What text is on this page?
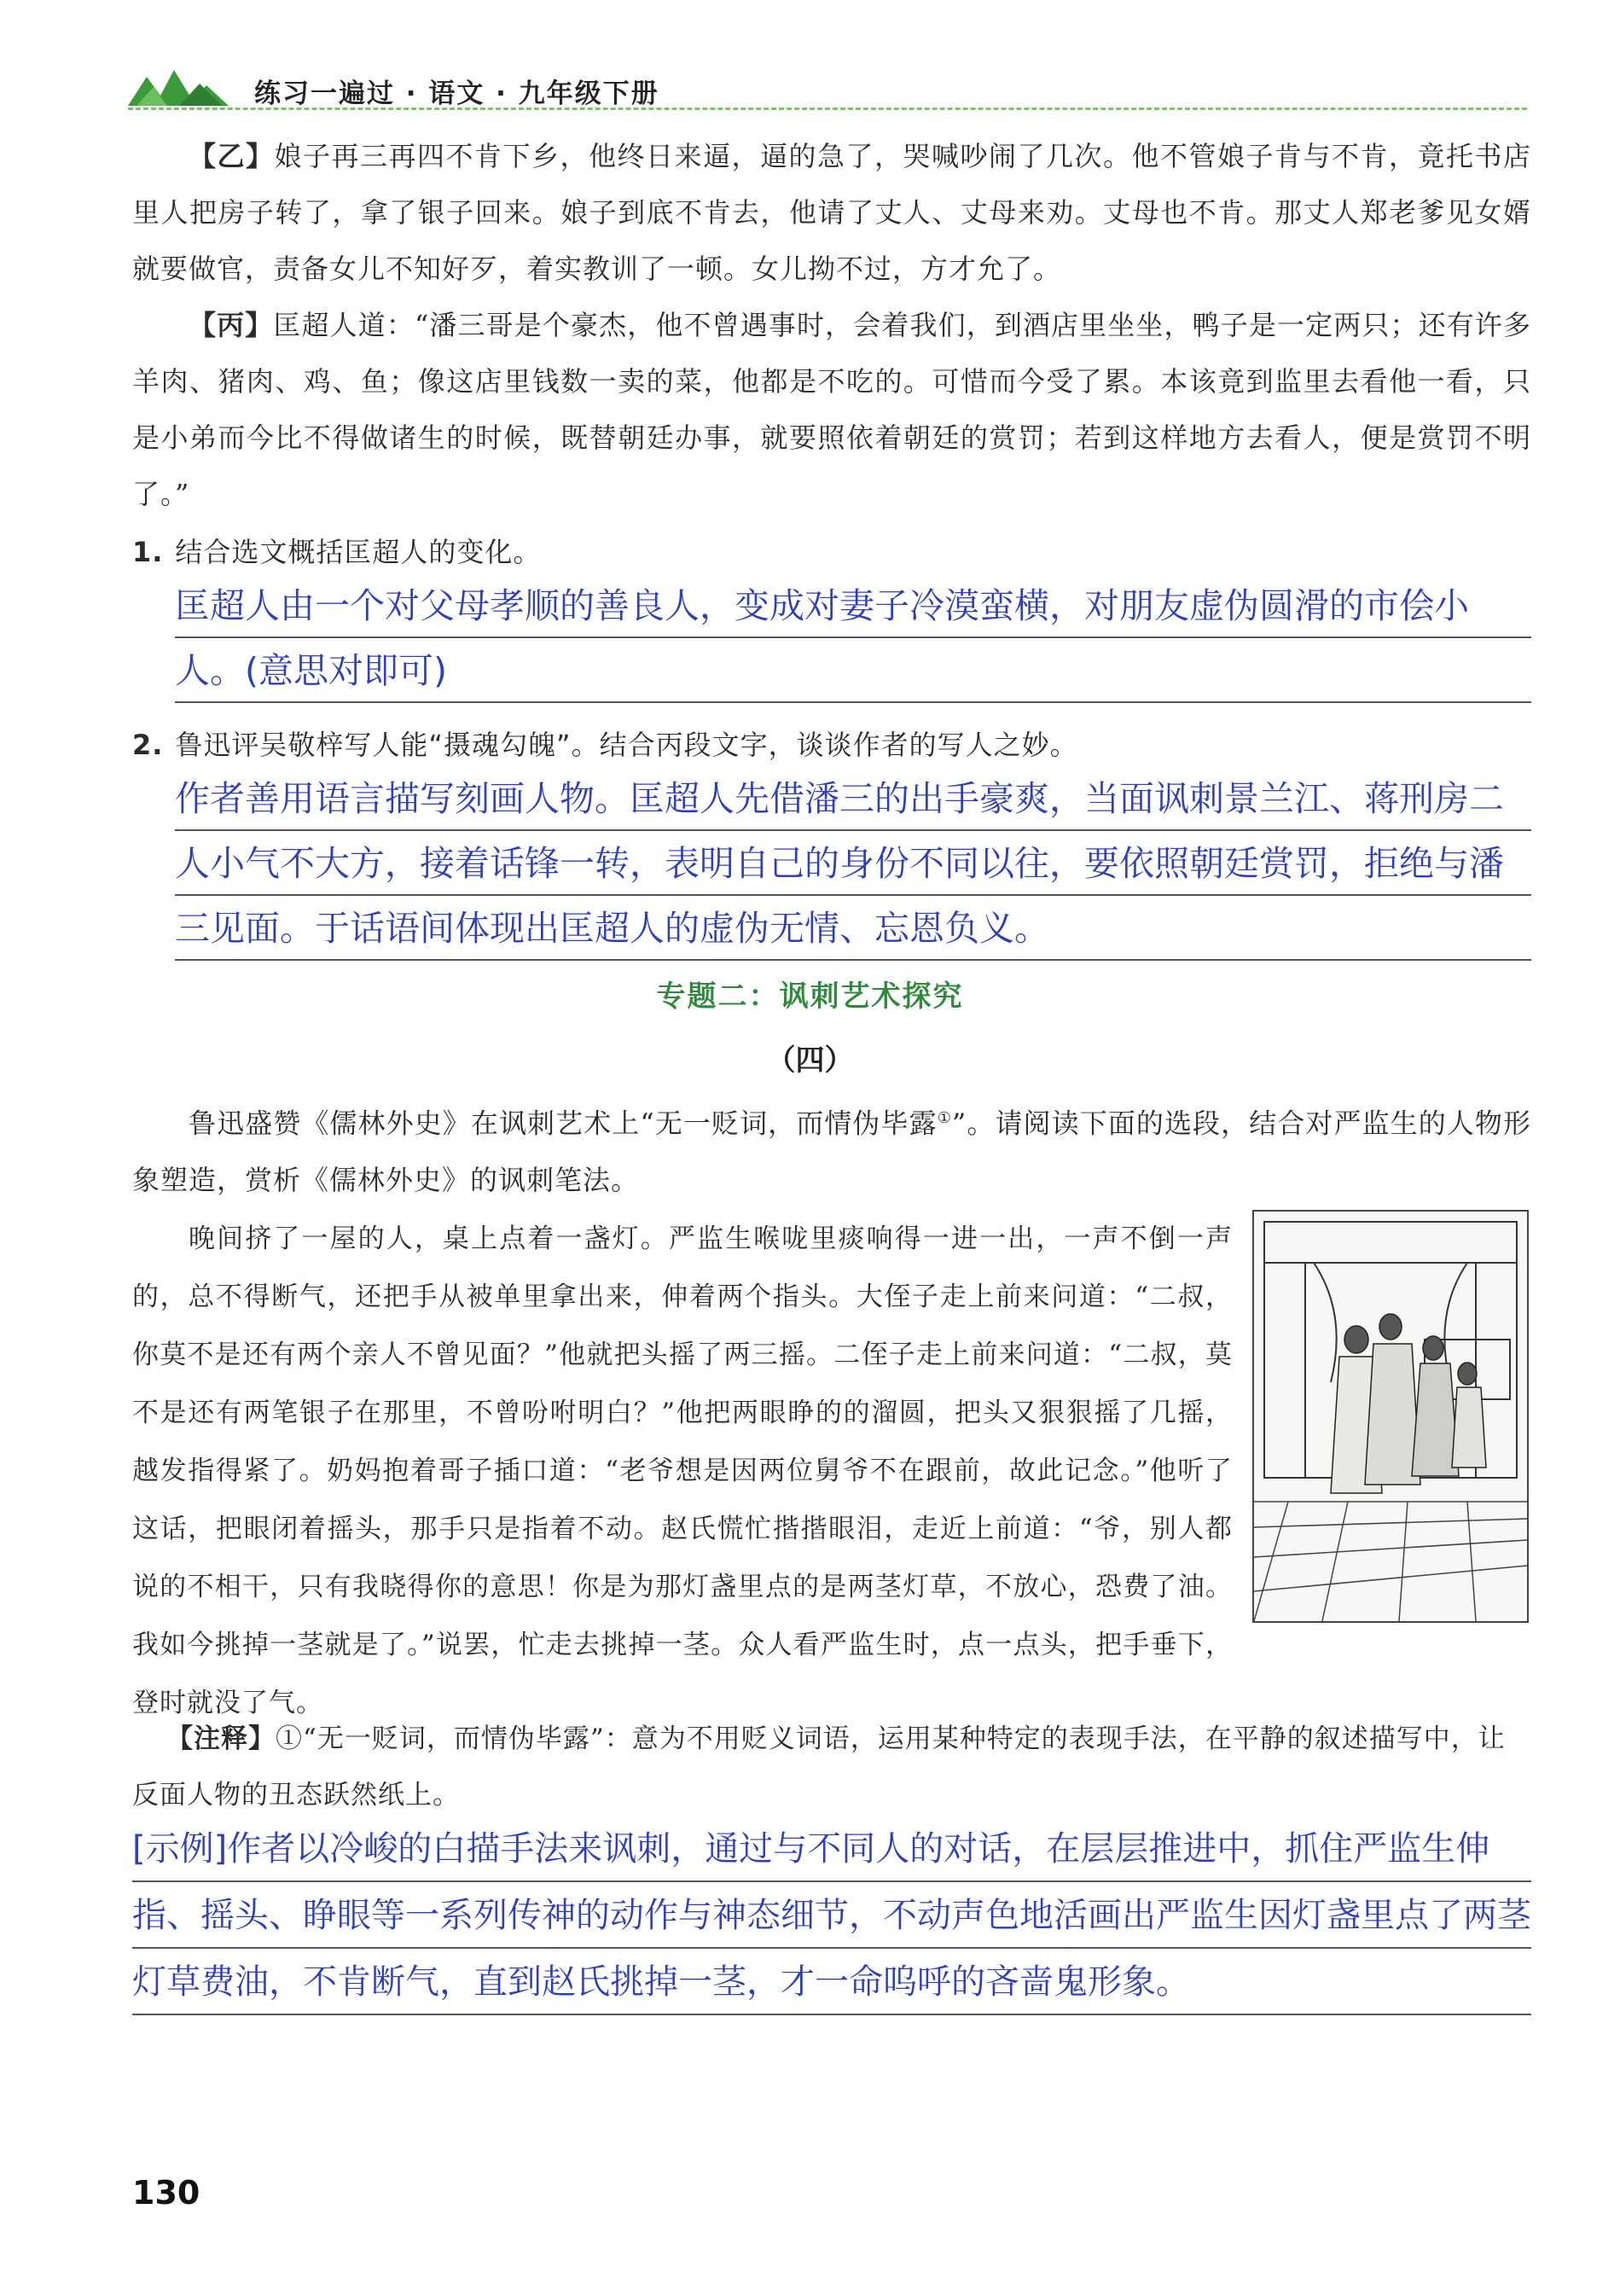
练习一遍过 · 语文 · 九年级下册

【乙】娘子再三再四不肯下乡，他终日来逼，逼的急了，哭喊吵闹了几次。他不管娘子肯与不肯，竟托书店里人把房子转了，拿了银子回来。娘子到底不肯去，他请了丈人、丈母来劝。丈母也不肯。那丈人郑老爹见女婿就要做官，责备女儿不知好歹，着实教训了一顿。女儿拗不过，方才允了。

【丙】匡超人道：“潘三哥是个豪杰，他不曾遇事时，会着我们，到酒店里坐坐，鸭子是一定两只；还有许多羊肉、猪肉、鸡、鱼；像这店里钱数一卖的菜，他都是不吃的。可惜而今受了累。本该竟到监里去看他一看，只是小弟而今比不得做诸生的时候，既替朝廷办事，就要照依着朝廷的赏罚；若到这样地方去看人，便是赏罚不明了。”

1. 结合选文概括匡超人的变化。

匡超人由一个对父母孝顺的善良人，变成对妻子冷漠蛮横，对朋友虚伪圆滑的市侩小人。(意思对即可)

2. 鲁迅评吴敬梓写人能“摄魂勾魄”。结合丙段文字，谈谈作者的写人之妙。

作者善用语言描写刻画人物。匡超人先借潘三的出手豪爽，当面讽刺景兰江、蒋刑房二人小气不大方，接着话锋一转，表明自己的身份不同以往，要依照朝廷赏罚，拒绝与潘三见面。于话语间体现出匡超人的虚伪无情、忘恩负义。

专题二：讽刺艺术探究
（四）

鲁迅盛赞《儒林外史》在讽刺艺术上“无一贬词，而情伪毕露①”。请阅读下面的选段，结合对严监生的人物形象塑造，赏析《儒林外史》的讽刺笔法。

晚间挤了一屋的人，桌上点着一盏灯。严监生喉咙里痰响得一进一出，一声不倒一声的，总不得断气，还把手从被单里拿出来，伸着两个指头。大侄子走上前来问道：“二叔，你莫不是还有两个亲人不曾见面？”他就把头摇了两三摇。二侄子走上前来问道：“二叔，莫不是还有两笔银子在那里，不曾吩咐明白？”他把两眼睁的的溜圆，把头又狠狠摇了几摇，越发指得紧了。奶妈抱着哥子插口道：“老爷想是因两位舅爷不在跟前，故此记念。”他听了这话，把眼闭着摇头，那手只是指着不动。赵氏慌忙揩揩眼泪，走近上前道：“爷，别人都说的不相干，只有我晓得你的意思！你是为那灯盏里点的是两茎灯草，不放心，恐费了油。我如今挑掉一茎就是了。”说罢，忙走去挑掉一茎。众人看严监生时，点一点头，把手垂下，登时就没了气。

【注释】①“无一贬词，而情伪毕露”：意为不用贬义词语，运用某种特定的表现手法，在平静的叙述描写中，让反面人物的丑态跃然纸上。

[示例]作者以冷峻的白描手法来讽刺，通过与不同人的对话，在层层推进中，抓住严监生伸指、摇头、睁眼等一系列传神的动作与神态细节，不动声色地活画出严监生因灯盏里点了两茎灯草费油，不肯断气，直到赵氏挑掉一茎，才一命呜呼的吝啬鬼形象。

130
